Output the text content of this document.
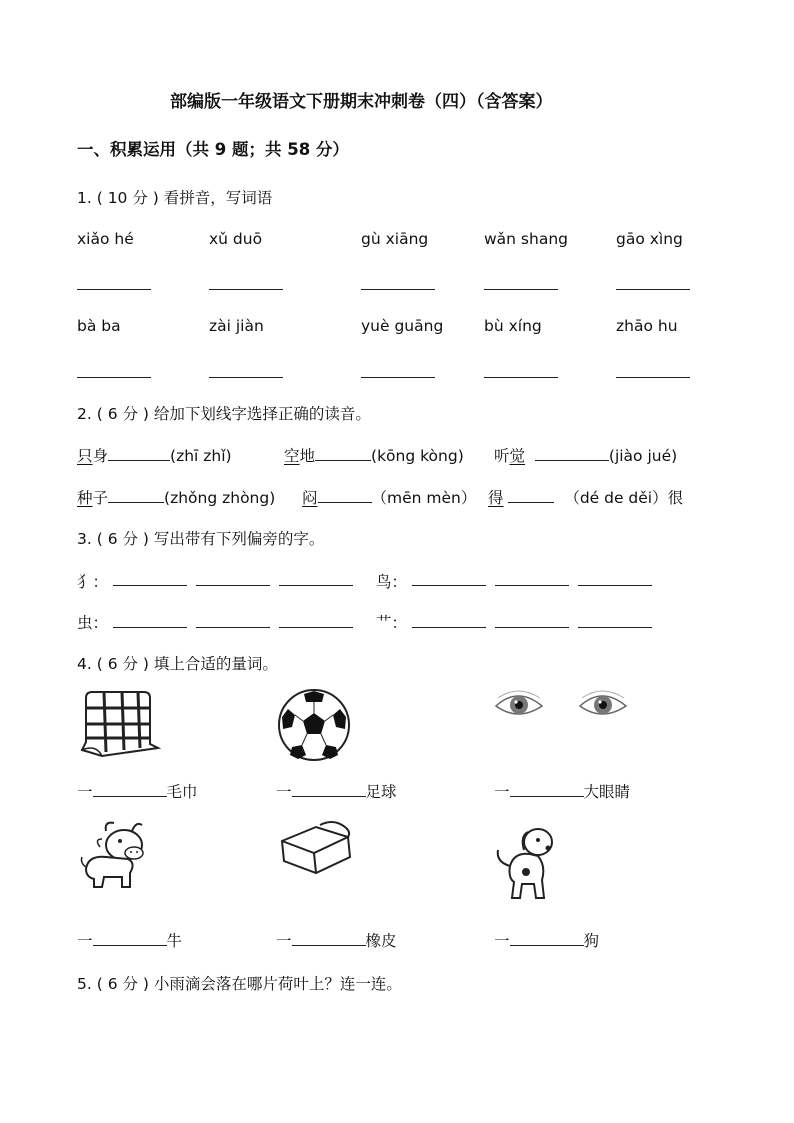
部编版一年级语文下册期末冲刺卷（四）（含答案）
一、积累运用（共 9 题；共 58 分）
1. ( 10 分 ) 看拼音，写词语
xiǎo hé	xǔ duō	gù xiāng	wǎn shang	gāo xìng
bà ba	zài jiàn	yuè guāng	bù xíng	zhāo hu
2. ( 6 分 ) 给加下划线字选择正确的读音。
只身	(zhī zhǐ)	空地	(kōng kòng) 听觉	(jiào jué)
种子	(zhǒng zhòng) 闷	（mēn mèn） 得	（dé de děi）很
3. ( 6 分 ) 写出带有下列偏旁的字。
犭：	鸟：
虫：	艹：
4. ( 6 分 ) 填上合适的量词。
一	毛巾	一	足球	一	大眼睛
一	牛	一	橡皮	一	狗
5. ( 6 分 ) 小雨滴会落在哪片荷叶上？连一连。
